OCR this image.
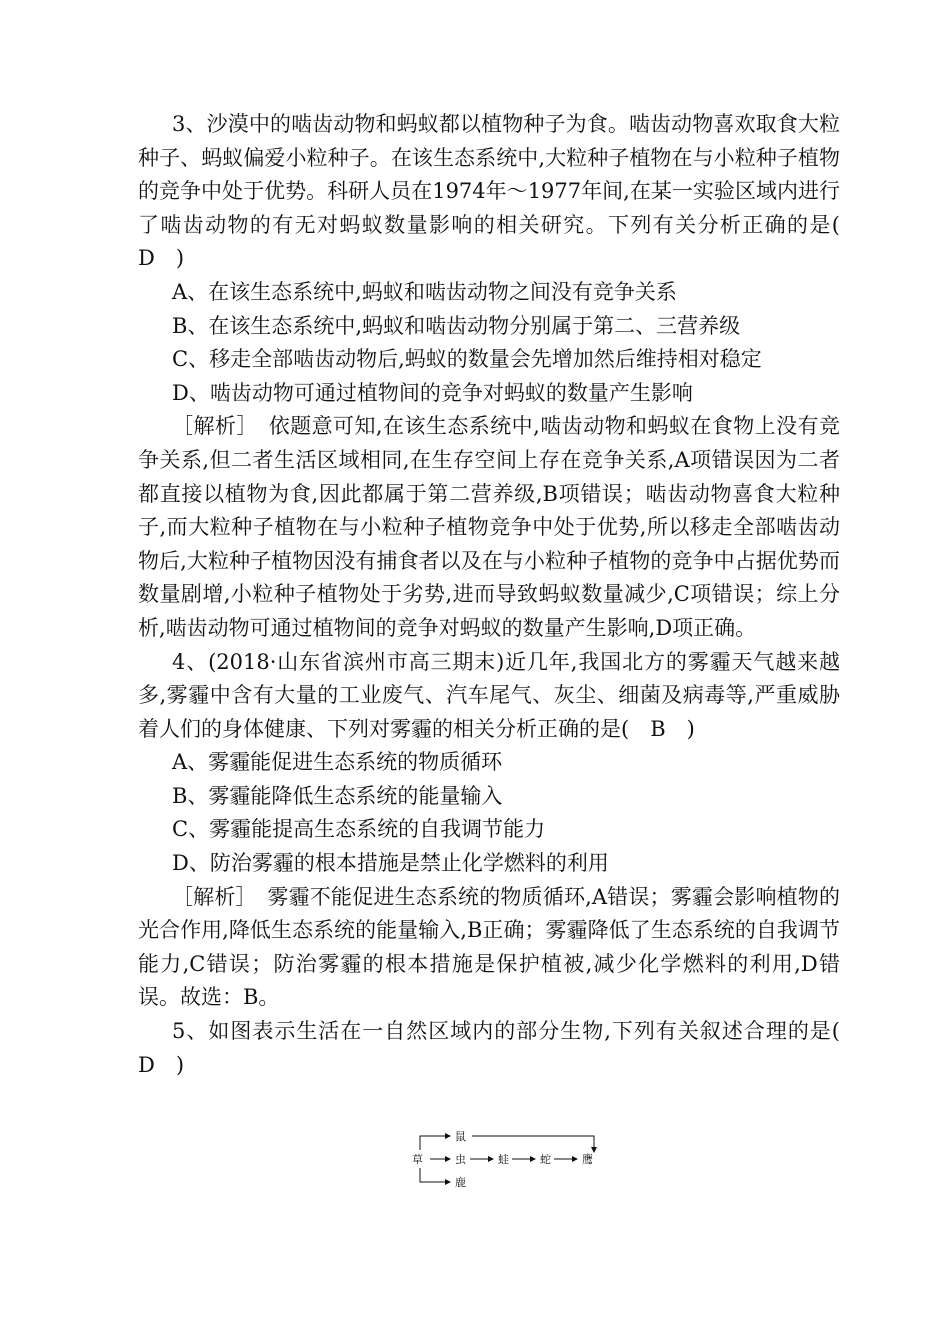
3、沙漠中的啮齿动物和蚂蚁都以植物种子为食。啮齿动物喜欢取食大粒种子、蚂蚁偏爱小粒种子。在该生态系统中,大粒种子植物在与小粒种子植物的竞争中处于优势。科研人员在1974年～1977年间,在某一实验区域内进行了啮齿动物的有无对蚂蚁数量影响的相关研究。下列有关分析正确的是(　D　)

A、在该生态系统中,蚂蚁和啮齿动物之间没有竞争关系

B、在该生态系统中,蚂蚁和啮齿动物分别属于第二、三营养级

C、移走全部啮齿动物后,蚂蚁的数量会先增加然后维持相对稳定

D、啮齿动物可通过植物间的竞争对蚂蚁的数量产生影响

［解析］　依题意可知,在该生态系统中,啮齿动物和蚂蚁在食物上没有竞争关系,但二者生活区域相同,在生存空间上存在竞争关系,A项错误因为二者都直接以植物为食,因此都属于第二营养级,B项错误；啮齿动物喜食大粒种子,而大粒种子植物在与小粒种子植物竞争中处于优势,所以移走全部啮齿动物后,大粒种子植物因没有捕食者以及在与小粒种子植物的竞争中占据优势而数量剧增,小粒种子植物处于劣势,进而导致蚂蚁数量减少,C项错误；综上分析,啮齿动物可通过植物间的竞争对蚂蚁的数量产生影响,D项正确。

4、(2018·山东省滨州市高三期末)近几年,我国北方的雾霾天气越来越多,雾霾中含有大量的工业废气、汽车尾气、灰尘、细菌及病毒等,严重威胁着人们的身体健康、下列对雾霾的相关分析正确的是(　B　)

A、雾霾能促进生态系统的物质循环

B、雾霾能降低生态系统的能量输入

C、雾霾能提高生态系统的自我调节能力

D、防治雾霾的根本措施是禁止化学燃料的利用

［解析］　雾霾不能促进生态系统的物质循环,A错误；雾霾会影响植物的光合作用,降低生态系统的能量输入,B正确；雾霾降低了生态系统的自我调节能力,C错误；防治雾霾的根本措施是保护植被,减少化学燃料的利用,D错误。故选：B。

5、如图表示生活在一自然区域内的部分生物,下列有关叙述合理的是(　D　)

草	虫	蛙	蛇	鹰
鼠
鹿
